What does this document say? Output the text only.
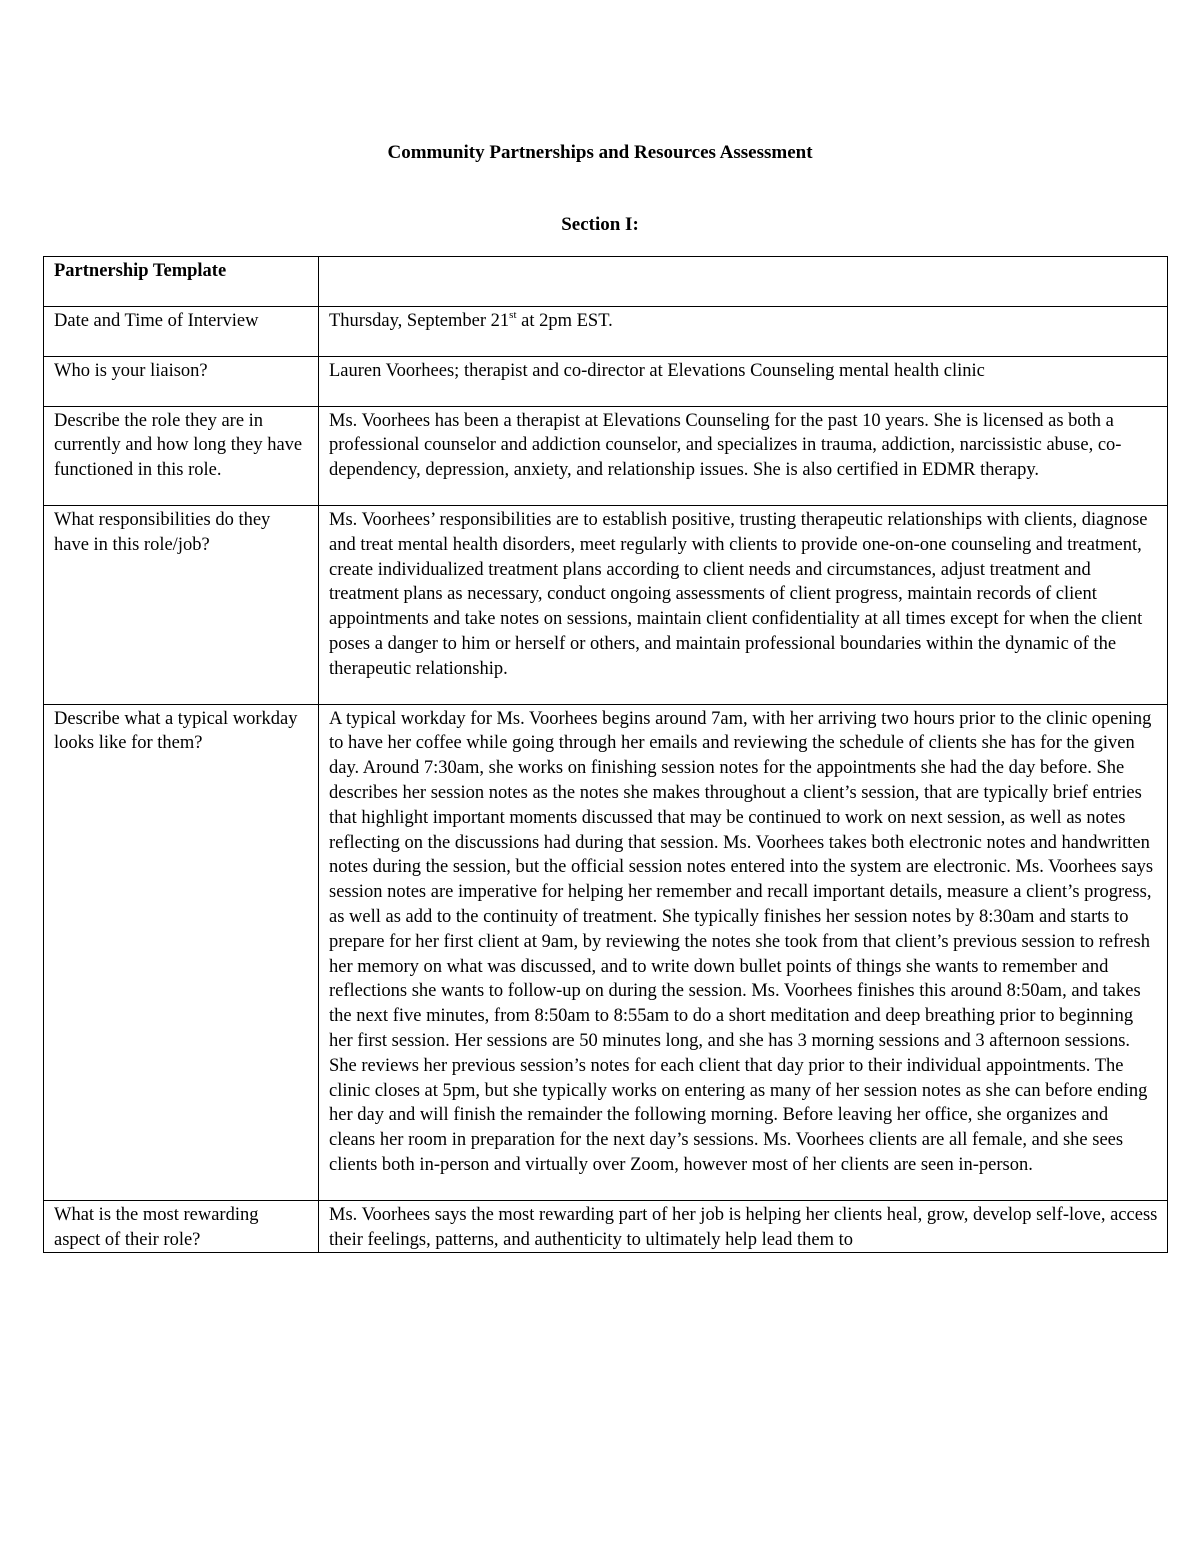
Community Partnerships and Resources Assessment
Section I:
Partnership Template	
Date and Time of Interview	Thursday, September 21st at 2pm EST.
Who is your liaison?	Lauren Voorhees; therapist and co-director at Elevations Counseling mental health clinic
Describe the role they are in currently and how long they have functioned in this role.	Ms. Voorhees has been a therapist at Elevations Counseling for the past 10 years. She is licensed as both a professional counselor and addiction counselor, and specializes in trauma, addiction, narcissistic abuse, co-dependency, depression, anxiety, and relationship issues. She is also certified in EDMR therapy.
What responsibilities do they have in this role/job?	Ms. Voorhees’ responsibilities are to establish positive, trusting therapeutic relationships with clients, diagnose and treat mental health disorders, meet regularly with clients to provide one-on-one counseling and treatment, create individualized treatment plans according to client needs and circumstances, adjust treatment and treatment plans as necessary, conduct ongoing assessments of client progress, maintain records of client appointments and take notes on sessions, maintain client confidentiality at all times except for when the client poses a danger to him or herself or others, and maintain professional boundaries within the dynamic of the therapeutic relationship.
Describe what a typical workday looks like for them?	A typical workday for Ms. Voorhees begins around 7am, with her arriving two hours prior to the clinic opening to have her coffee while going through her emails and reviewing the schedule of clients she has for the given day. Around 7:30am, she works on finishing session notes for the appointments she had the day before. She describes her session notes as the notes she makes throughout a client’s session, that are typically brief entries that highlight important moments discussed that may be continued to work on next session, as well as notes reflecting on the discussions had during that session. Ms. Voorhees takes both electronic notes and handwritten notes during the session, but the official session notes entered into the system are electronic. Ms. Voorhees says session notes are imperative for helping her remember and recall important details, measure a client’s progress, as well as add to the continuity of treatment. She typically finishes her session notes by 8:30am and starts to prepare for her first client at 9am, by reviewing the notes she took from that client’s previous session to refresh her memory on what was discussed, and to write down bullet points of things she wants to remember and reflections she wants to follow-up on during the session. Ms. Voorhees finishes this around 8:50am, and takes the next five minutes, from 8:50am to 8:55am to do a short meditation and deep breathing prior to beginning her first session. Her sessions are 50 minutes long, and she has 3 morning sessions and 3 afternoon sessions. She reviews her previous session’s notes for each client that day prior to their individual appointments. The clinic closes at 5pm, but she typically works on entering as many of her session notes as she can before ending her day and will finish the remainder the following morning. Before leaving her office, she organizes and cleans her room in preparation for the next day’s sessions. Ms. Voorhees clients are all female, and she sees clients both in-person and virtually over Zoom, however most of her clients are seen in-person.
What is the most rewarding aspect of their role?	Ms. Voorhees says the most rewarding part of her job is helping her clients heal, grow, develop self-love, access their feelings, patterns, and authenticity to ultimately help lead them to
